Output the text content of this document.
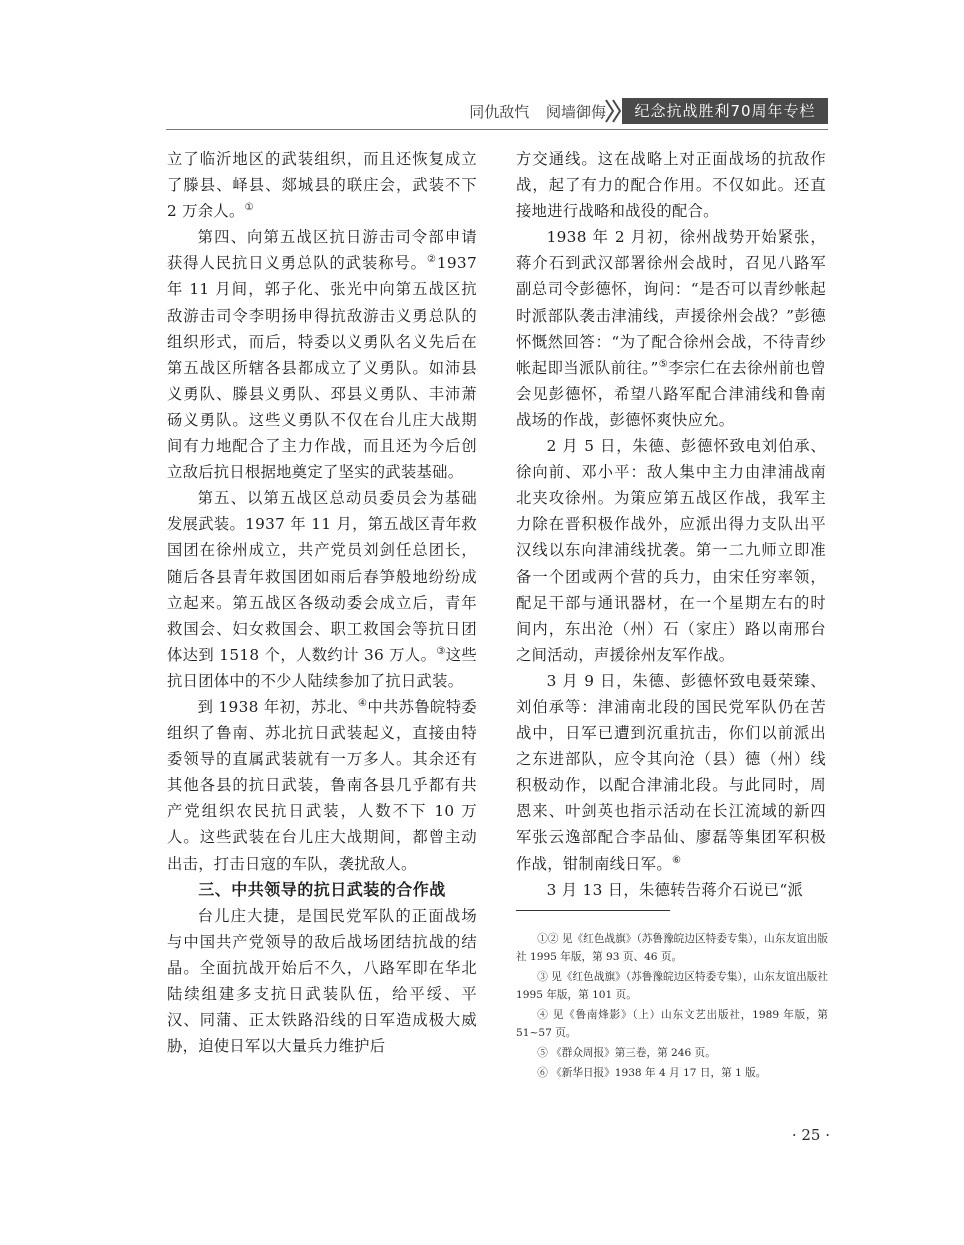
同仇敌忾 阋墙御侮	纪念抗战胜利70周年专栏

立了临沂地区的武装组织，而且还恢复成立了滕县、峄县、郯城县的联庄会，武装不下 2 万余人。①

第四、向第五战区抗日游击司令部申请获得人民抗日义勇总队的武装称号。②1937 年 11 月间，郭子化、张光中向第五战区抗敌游击司令李明扬申得抗敌游击义勇总队的组织形式，而后，特委以义勇队名义先后在第五战区所辖各县都成立了义勇队。如沛县义勇队、滕县义勇队、邳县义勇队、丰沛萧砀义勇队。这些义勇队不仅在台儿庄大战期间有力地配合了主力作战，而且还为今后创立敌后抗日根据地奠定了坚实的武装基础。

第五、以第五战区总动员委员会为基础发展武装。1937 年 11 月，第五战区青年救国团在徐州成立，共产党员刘剑任总团长，随后各县青年救国团如雨后春笋般地纷纷成立起来。第五战区各级动委会成立后，青年救国会、妇女救国会、职工救国会等抗日团体达到 1518 个，人数约计 36 万人。③这些抗日团体中的不少人陆续参加了抗日武装。

到 1938 年初，苏北、④中共苏鲁皖特委组织了鲁南、苏北抗日武装起义，直接由特委领导的直属武装就有一万多人。其余还有其他各县的抗日武装，鲁南各县几乎都有共产党组织农民抗日武装，人数不下 10 万人。这些武装在台儿庄大战期间，都曾主动出击，打击日寇的车队，袭扰敌人。

三、中共领导的抗日武装的合作战

台儿庄大捷，是国民党军队的正面战场与中国共产党领导的敌后战场团结抗战的结晶。全面抗战开始后不久，八路军即在华北陆续组建多支抗日武装队伍，给平绥、平汉、同蒲、正太铁路沿线的日军造成极大威胁，迫使日军以大量兵力维护后

方交通线。这在战略上对正面战场的抗敌作战，起了有力的配合作用。不仅如此。还直接地进行战略和战役的配合。

1938 年 2 月初，徐州战势开始紧张，蒋介石到武汉部署徐州会战时，召见八路军副总司令彭德怀，询问：“是否可以青纱帐起时派部队袭击津浦线，声援徐州会战？”彭德怀慨然回答：“为了配合徐州会战，不待青纱帐起即当派队前往。”⑤李宗仁在去徐州前也曾会见彭德怀，希望八路军配合津浦线和鲁南战场的作战，彭德怀爽快应允。

2 月 5 日，朱德、彭德怀致电刘伯承、徐向前、邓小平：敌人集中主力由津浦战南北夹攻徐州。为策应第五战区作战，我军主力除在晋积极作战外，应派出得力支队出平汉线以东向津浦线扰袭。第一二九师立即准备一个团或两个营的兵力，由宋任穷率领，配足干部与通讯器材，在一个星期左右的时间内，东出沧（州）石（家庄）路以南邢台之间活动，声援徐州友军作战。

3 月 9 日，朱德、彭德怀致电聂荣臻、刘伯承等：津浦南北段的国民党军队仍在苦战中，日军已遭到沉重抗击，你们以前派出之东进部队，应令其向沧（县）德（州）线积极动作，以配合津浦北段。与此同时，周恩来、叶剑英也指示活动在长江流域的新四军张云逸部配合李品仙、廖磊等集团军积极作战，钳制南线日军。⑥

3 月 13 日，朱德转告蒋介石说已“派

①② 见《红色战旗》（苏鲁豫皖边区特委专集），山东友谊出版社 1995 年版，第 93 页、46 页。

③ 见《红色战旗》（苏鲁豫皖边区特委专集），山东友谊出版社 1995 年版，第 101 页。

④ 见《鲁南烽影》（上）山东文艺出版社，1989 年版，第 51~57 页。

⑤ 《群众周报》第三卷，第 246 页。

⑥ 《新华日报》1938 年 4 月 17 日，第 1 版。

· 25 ·
